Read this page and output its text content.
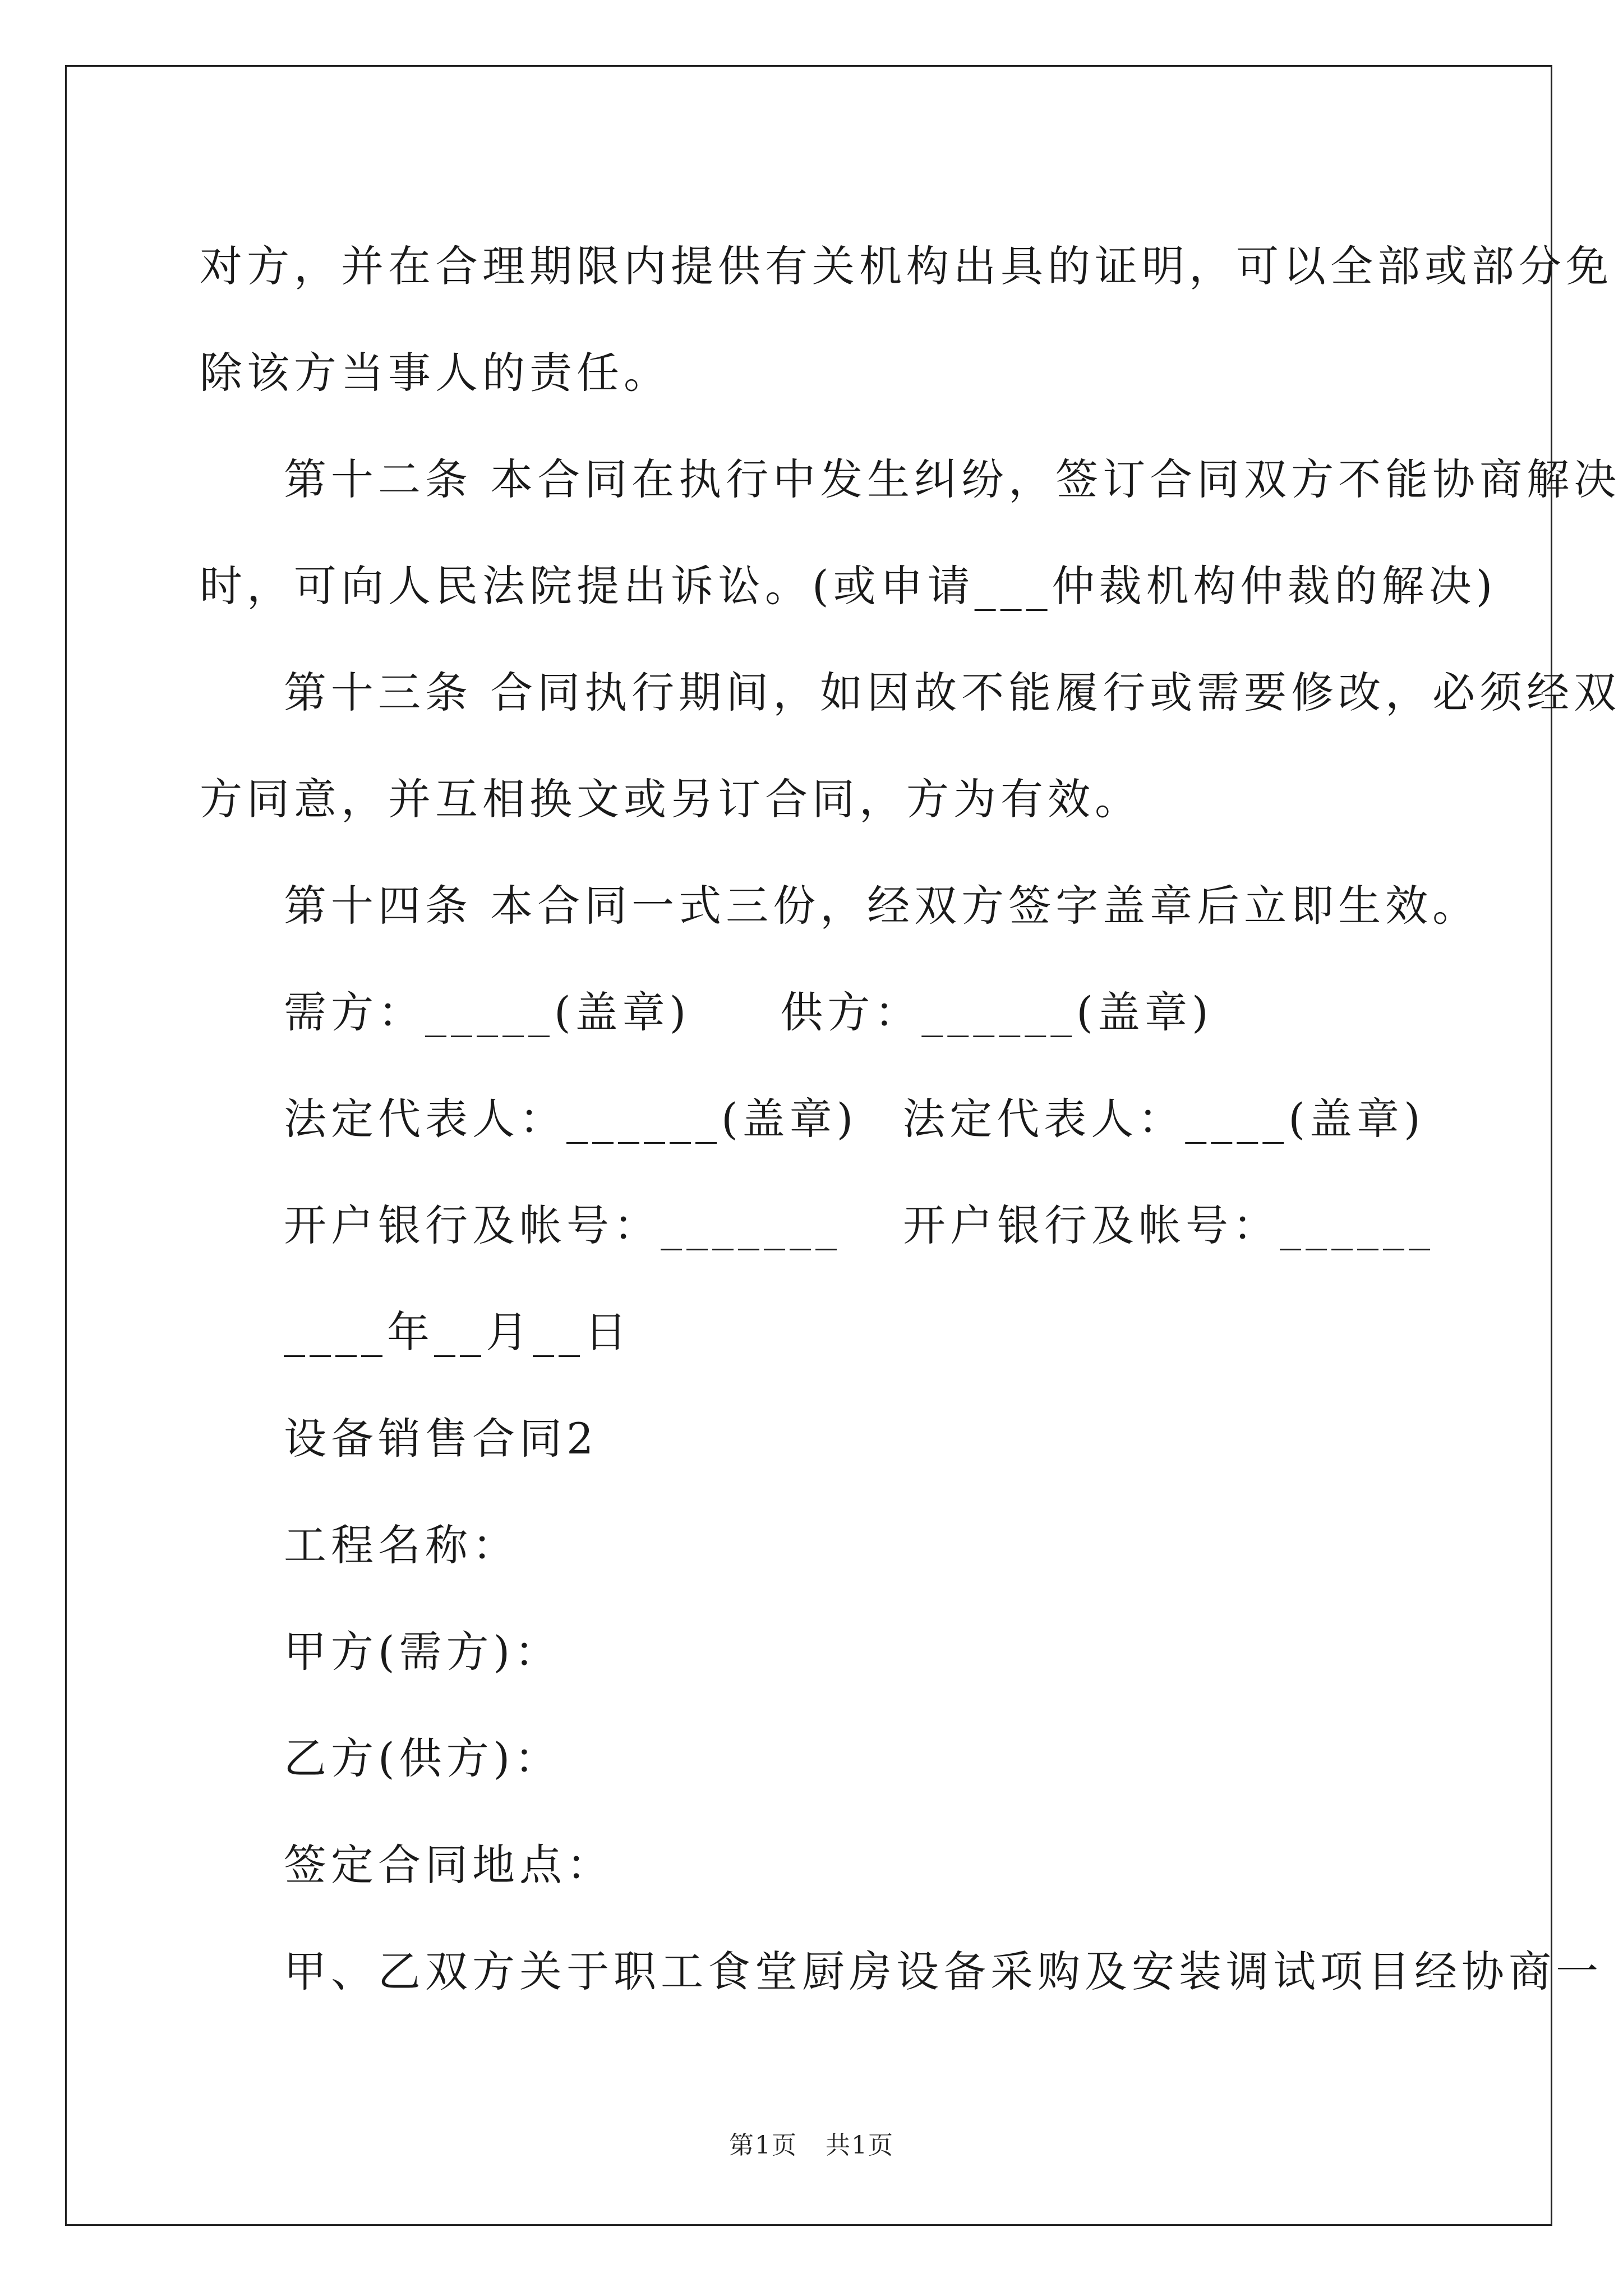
对方，并在合理期限内提供有关机构出具的证明，可以全部或部分免

除该方当事人的责任。

第十二条 本合同在执行中发生纠纷，签订合同双方不能协商解决

时，可向人民法院提出诉讼。(或申请___仲裁机构仲裁的解决)

第十三条 合同执行期间，如因故不能履行或需要修改，必须经双

方同意，并互相换文或另订合同，方为有效。

第十四条 本合同一式三份，经双方签字盖章后立即生效。

需方：_____(盖章) 供方：______(盖章)

法定代表人：______(盖章) 法定代表人：____(盖章)

开户银行及帐号：_______ 开户银行及帐号：______

____年__月__日

设备销售合同2

工程名称：

甲方(需方)：

乙方(供方)：

签定合同地点：

甲、乙双方关于职工食堂厨房设备采购及安装调试项目经协商一

第1页 共1页
